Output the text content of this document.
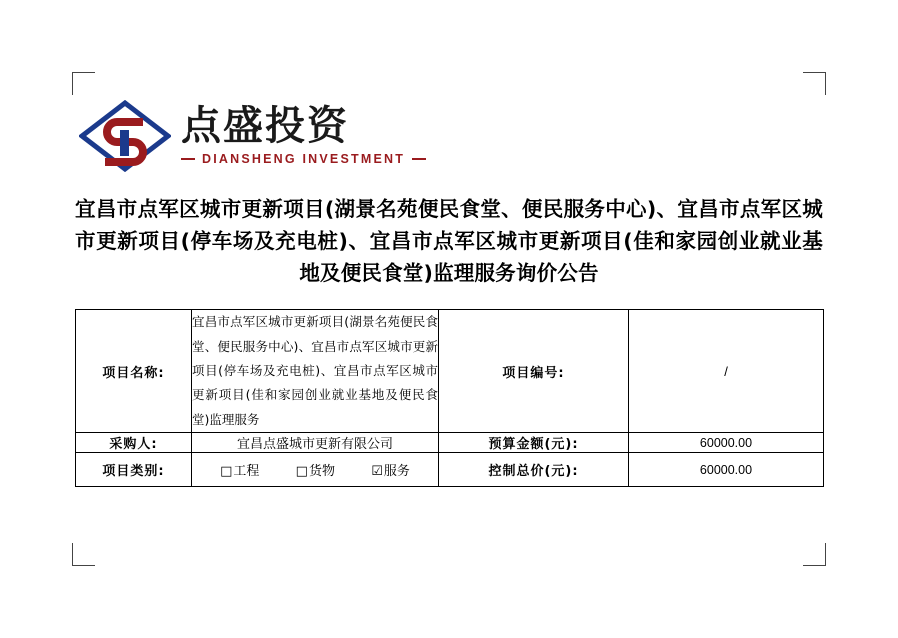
点盛投资
DIANSHENG INVESTMENT
宜昌市点军区城市更新项目(湖景名苑便民食堂、便民服务中心)、宜昌市点军区城市更新项目(停车场及充电桩)、宜昌市点军区城市更新项目(佳和家园创业就业基地及便民食堂)监理服务询价公告
项目名称:	宜昌市点军区城市更新项目(湖景名苑便民食堂、便民服务中心)、宜昌市点军区城市更新项目(停车场及充电桩)、宜昌市点军区城市更新项目(佳和家园创业就业基地及便民食堂)监理服务	项目编号:	/
采购人:	宜昌点盛城市更新有限公司	预算金额(元):	60000.00
项目类别:	□工程 □货物 ☑服务	控制总价(元):	60000.00
